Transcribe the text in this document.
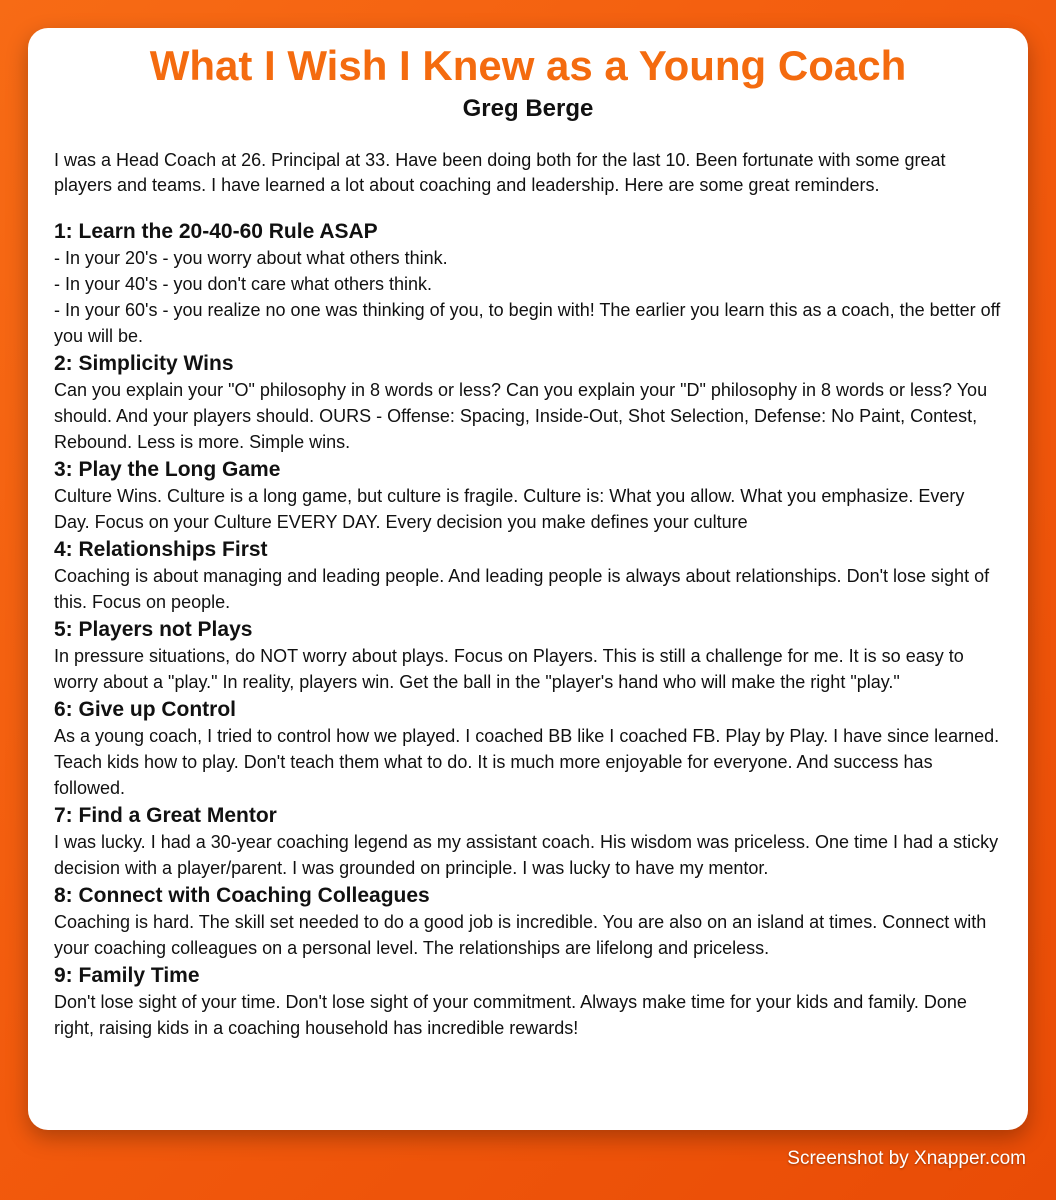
What I Wish I Knew as a Young Coach
Greg Berge

I was a Head Coach at 26. Principal at 33. Have been doing both for the last 10. Been fortunate with some great players and teams. I have learned a lot about coaching and leadership. Here are some great reminders.

1: Learn the 20-40-60 Rule ASAP

- In your 20's - you worry about what others think.
- In your 40's - you don't care what others think.
- In your 60's - you realize no one was thinking of you, to begin with! The earlier you learn this as a coach, the better off you will be.

2: Simplicity Wins

Can you explain your "O" philosophy in 8 words or less? Can you explain your "D" philosophy in 8 words or less? You should. And your players should. OURS - Offense: Spacing, Inside-Out, Shot Selection, Defense: No Paint, Contest, Rebound. Less is more. Simple wins.

3: Play the Long Game

Culture Wins. Culture is a long game, but culture is fragile. Culture is: What you allow. What you emphasize. Every Day. Focus on your Culture EVERY DAY. Every decision you make defines your culture

4: Relationships First

Coaching is about managing and leading people. And leading people is always about relationships. Don't lose sight of this. Focus on people.

5: Players not Plays

In pressure situations, do NOT worry about plays. Focus on Players. This is still a challenge for me. It is so easy to worry about a "play." In reality, players win. Get the ball in the "player's hand who will make the right "play."

6: Give up Control

As a young coach, I tried to control how we played. I coached BB like I coached FB. Play by Play. I have since learned. Teach kids how to play. Don't teach them what to do. It is much more enjoyable for everyone. And success has followed.

7: Find a Great Mentor

I was lucky. I had a 30-year coaching legend as my assistant coach. His wisdom was priceless. One time I had a sticky decision with a player/parent. I was grounded on principle. I was lucky to have my mentor.

8: Connect with Coaching Colleagues

Coaching is hard. The skill set needed to do a good job is incredible. You are also on an island at times. Connect with your coaching colleagues on a personal level. The relationships are lifelong and priceless.

9: Family Time

Don't lose sight of your time. Don't lose sight of your commitment. Always make time for your kids and family. Done right, raising kids in a coaching household has incredible rewards!

Screenshot by Xnapper.com
